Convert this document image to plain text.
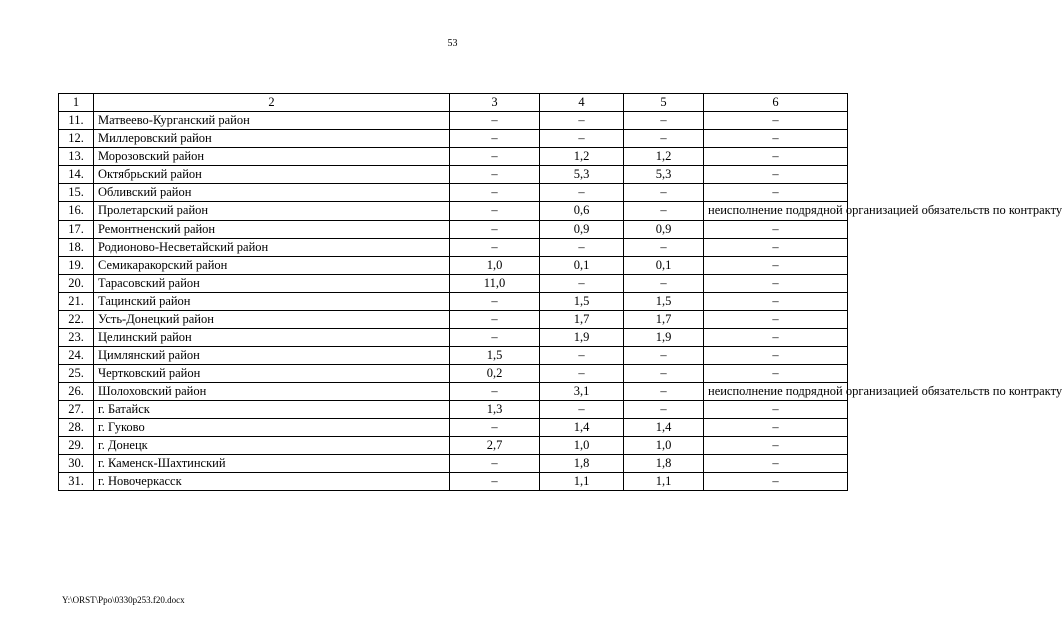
53
1	2	3	4	5	6
11.	Матвеево-Курганский район	–	–	–	–
12.	Миллеровский район	–	–	–	–
13.	Морозовский район	–	1,2	1,2	–
14.	Октябрьский район	–	5,3	5,3	–
15.	Обливский район	–	–	–	–
16.	Пролетарский район	–	0,6	–	неисполнение подрядной организацией обязательств по контракту
17.	Ремонтненский район	–	0,9	0,9	–
18.	Родионово-Несветайский район	–	–	–	–
19.	Семикаракорский район	1,0	0,1	0,1	–
20.	Тарасовский район	11,0	–	–	–
21.	Тацинский район	–	1,5	1,5	–
22.	Усть-Донецкий район	–	1,7	1,7	–
23.	Целинский район	–	1,9	1,9	–
24.	Цимлянский район	1,5	–	–	–
25.	Чертковский район	0,2	–	–	–
26.	Шолоховский район	–	3,1	–	неисполнение подрядной организацией обязательств по контракту
27.	г. Батайск	1,3	–	–	–
28.	г. Гуково	–	1,4	1,4	–
29.	г. Донецк	2,7	1,0	1,0	–
30.	г. Каменск-Шахтинский	–	1,8	1,8	–
31.	г. Новочеркасск	–	1,1	1,1	–
Y:\ORST\Ppo\0330p253.f20.docx
